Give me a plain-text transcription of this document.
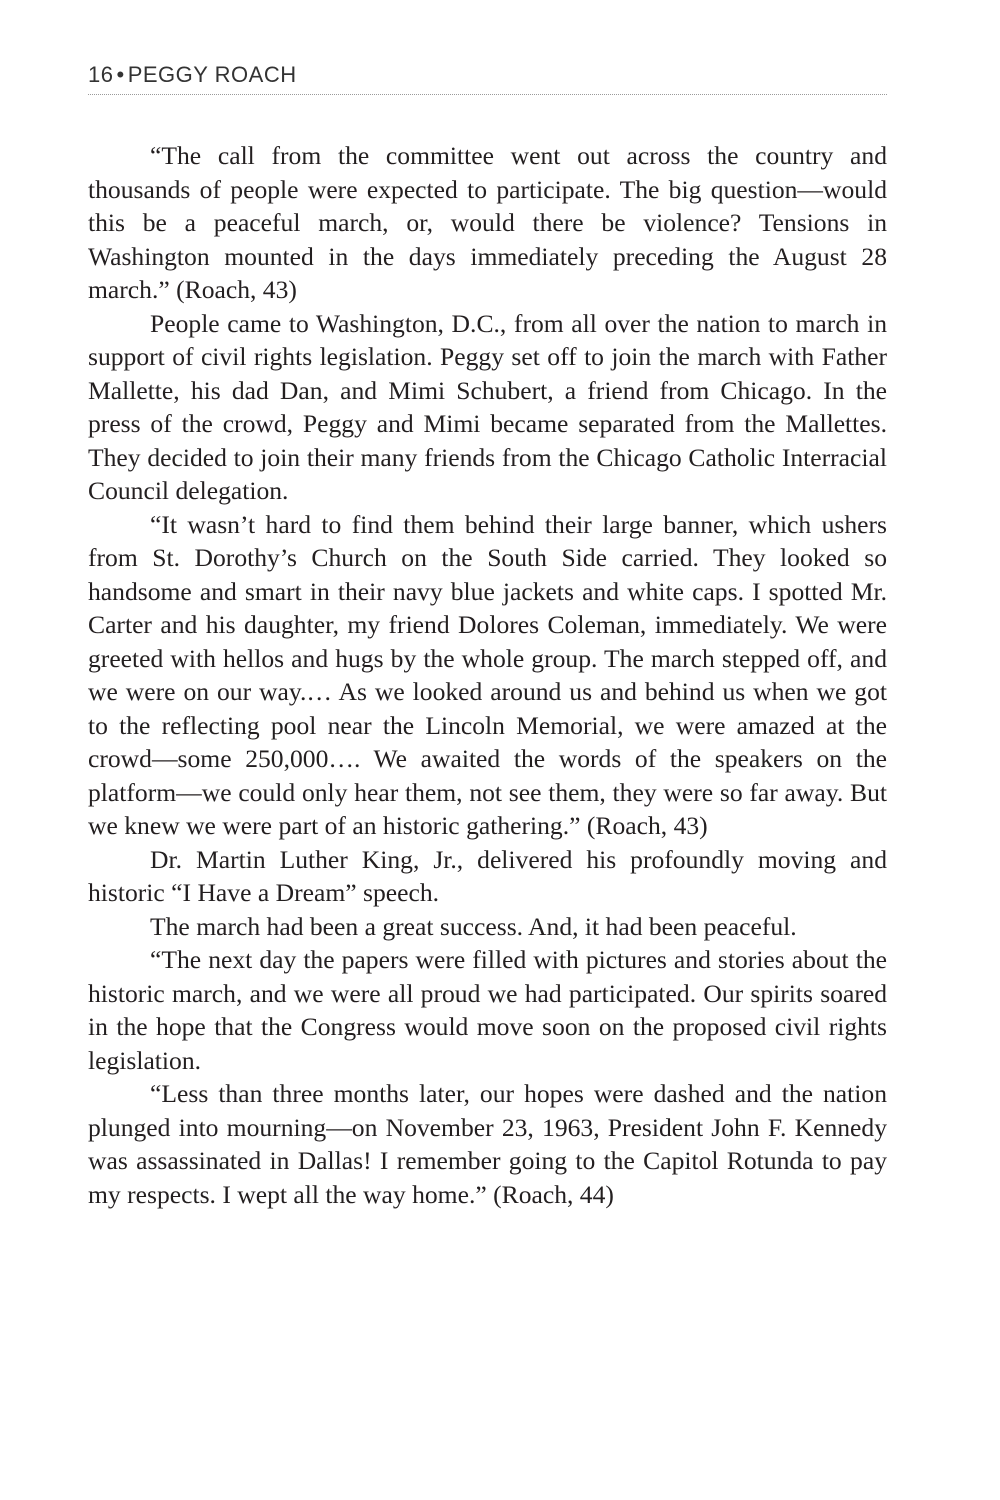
16 • PEGGY ROACH

“The call from the committee went out across the country and thousands of people were expected to participate. The big question—would this be a peaceful march, or, would there be violence? Tensions in Washington mounted in the days immediately preceding the August 28 march.” (Roach, 43)

People came to Washington, D.C., from all over the nation to march in support of civil rights legislation. Peggy set off to join the march with Father Mallette, his dad Dan, and Mimi Schubert, a friend from Chicago. In the press of the crowd, Peggy and Mimi became separated from the Mallettes. They decided to join their many friends from the Chicago Catholic Interracial Council delegation.

“It wasn’t hard to find them behind their large banner, which ushers from St. Dorothy’s Church on the South Side carried. They looked so handsome and smart in their navy blue jackets and white caps. I spotted Mr. Carter and his daughter, my friend Dolores Coleman, immediately. We were greeted with hellos and hugs by the whole group. The march stepped off, and we were on our way.… As we looked around us and behind us when we got to the reflecting pool near the Lincoln Memorial, we were amazed at the crowd—some 250,000…. We awaited the words of the speakers on the platform—we could only hear them, not see them, they were so far away. But we knew we were part of an historic gathering.” (Roach, 43)

Dr. Martin Luther King, Jr., delivered his profoundly moving and historic “I Have a Dream” speech.

The march had been a great success. And, it had been peaceful.

“The next day the papers were filled with pictures and stories about the historic march, and we were all proud we had participated. Our spirits soared in the hope that the Congress would move soon on the proposed civil rights legislation.

“Less than three months later, our hopes were dashed and the nation plunged into mourning—on November 23, 1963, President John F. Kennedy was assassinated in Dallas! I remember going to the Capitol Rotunda to pay my respects. I wept all the way home.” (Roach, 44)
